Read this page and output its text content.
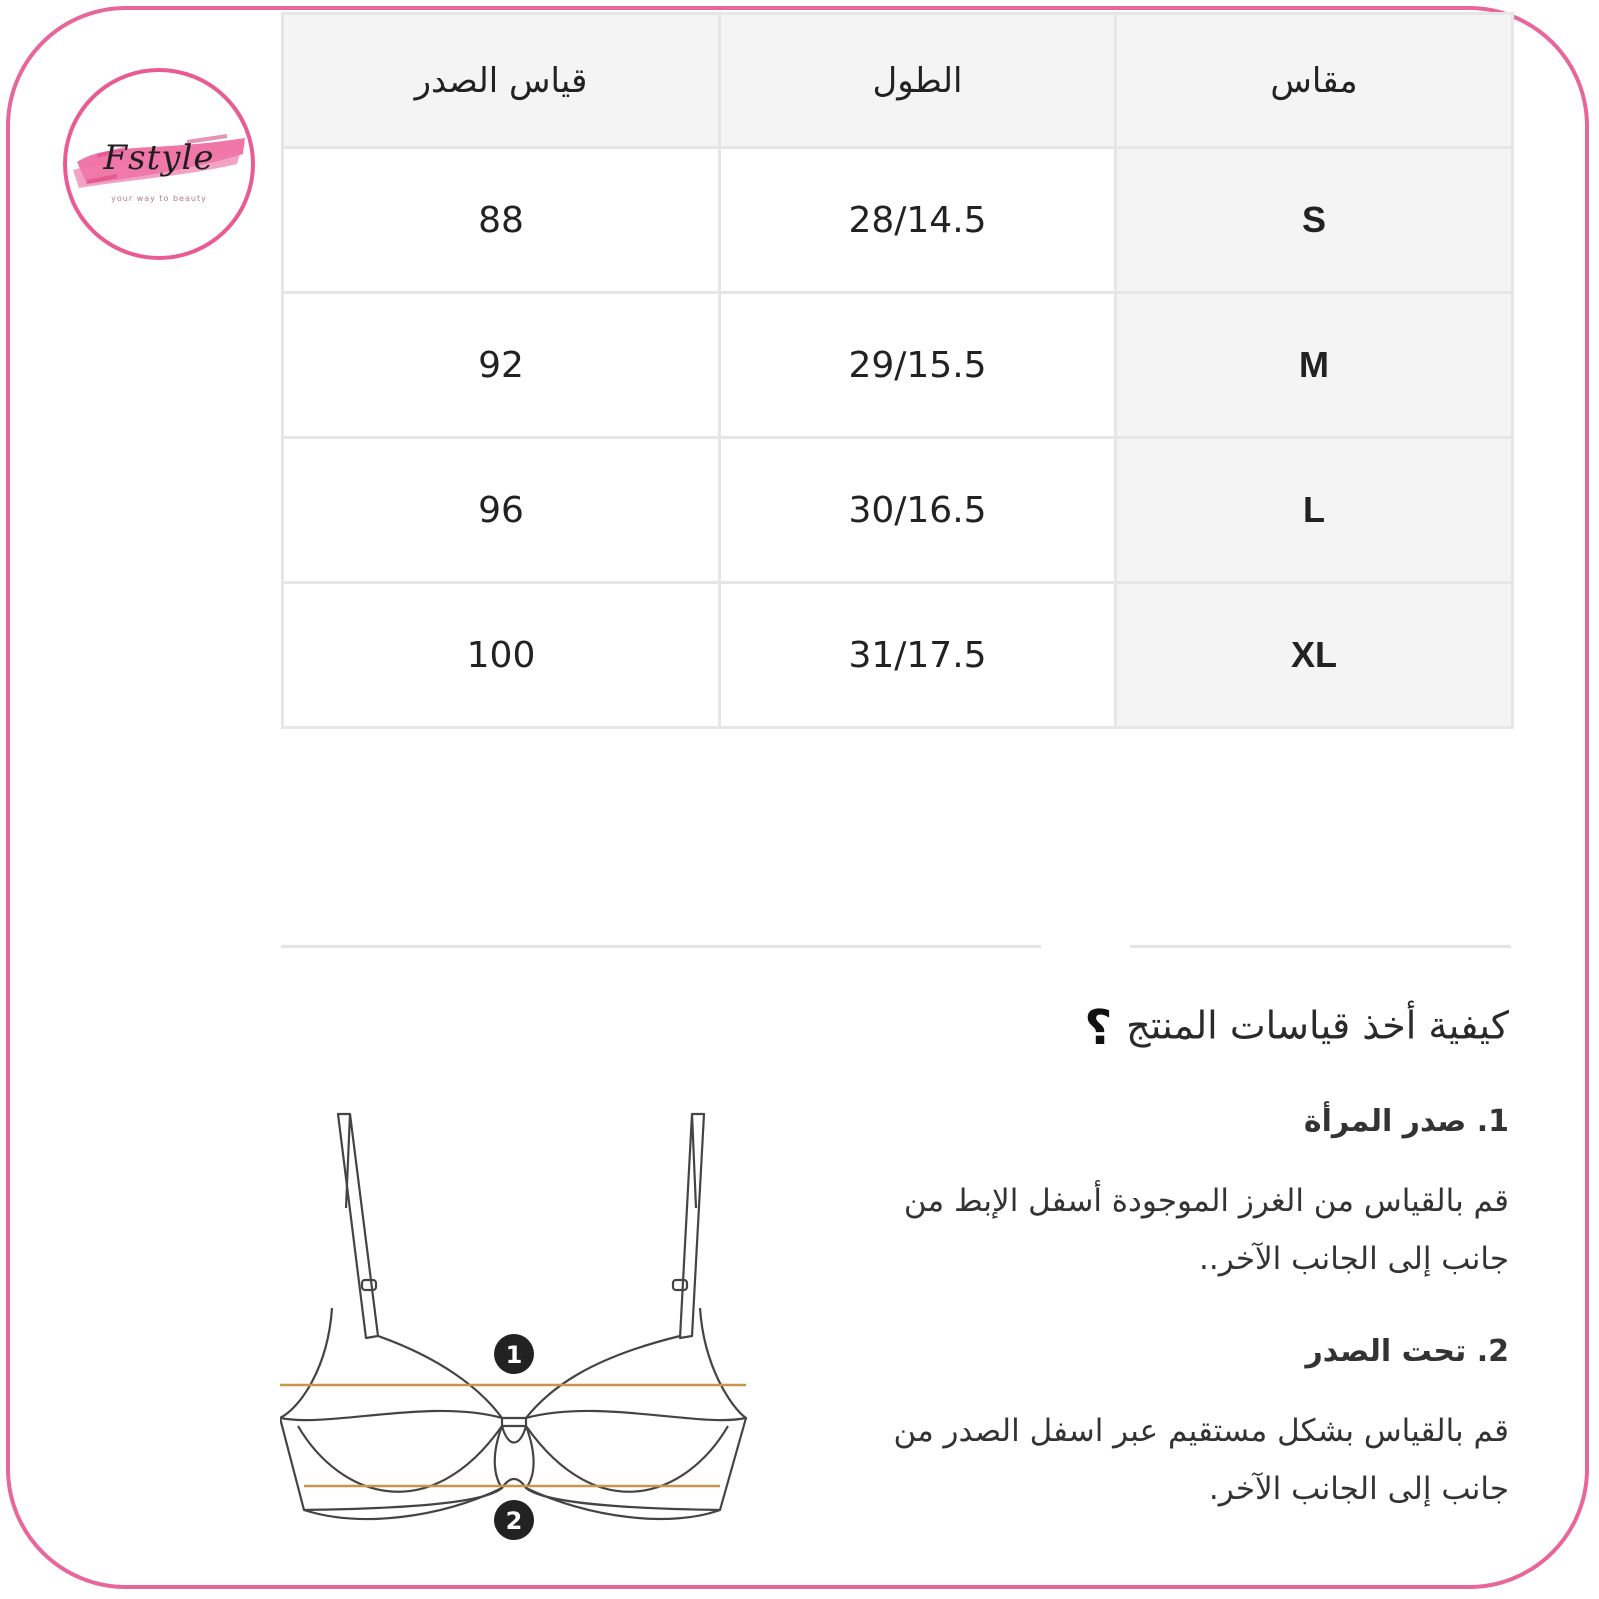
Fstyle
your way to beauty
مقاس	الطول	قياس الصدر
S	28/14.5	88
M	29/15.5	92
L	30/16.5	96
XL	31/17.5	100
كيفية أخذ قياسات المنتج؟
1. صدر المرأة
قم بالقياس من الغرز الموجودة أسفل الإبط من
جانب إلى الجانب الآخر..
2. تحت الصدر
قم بالقياس بشكل مستقيم عبر اسفل الصدر من
جانب إلى الجانب الآخر.
1
2
